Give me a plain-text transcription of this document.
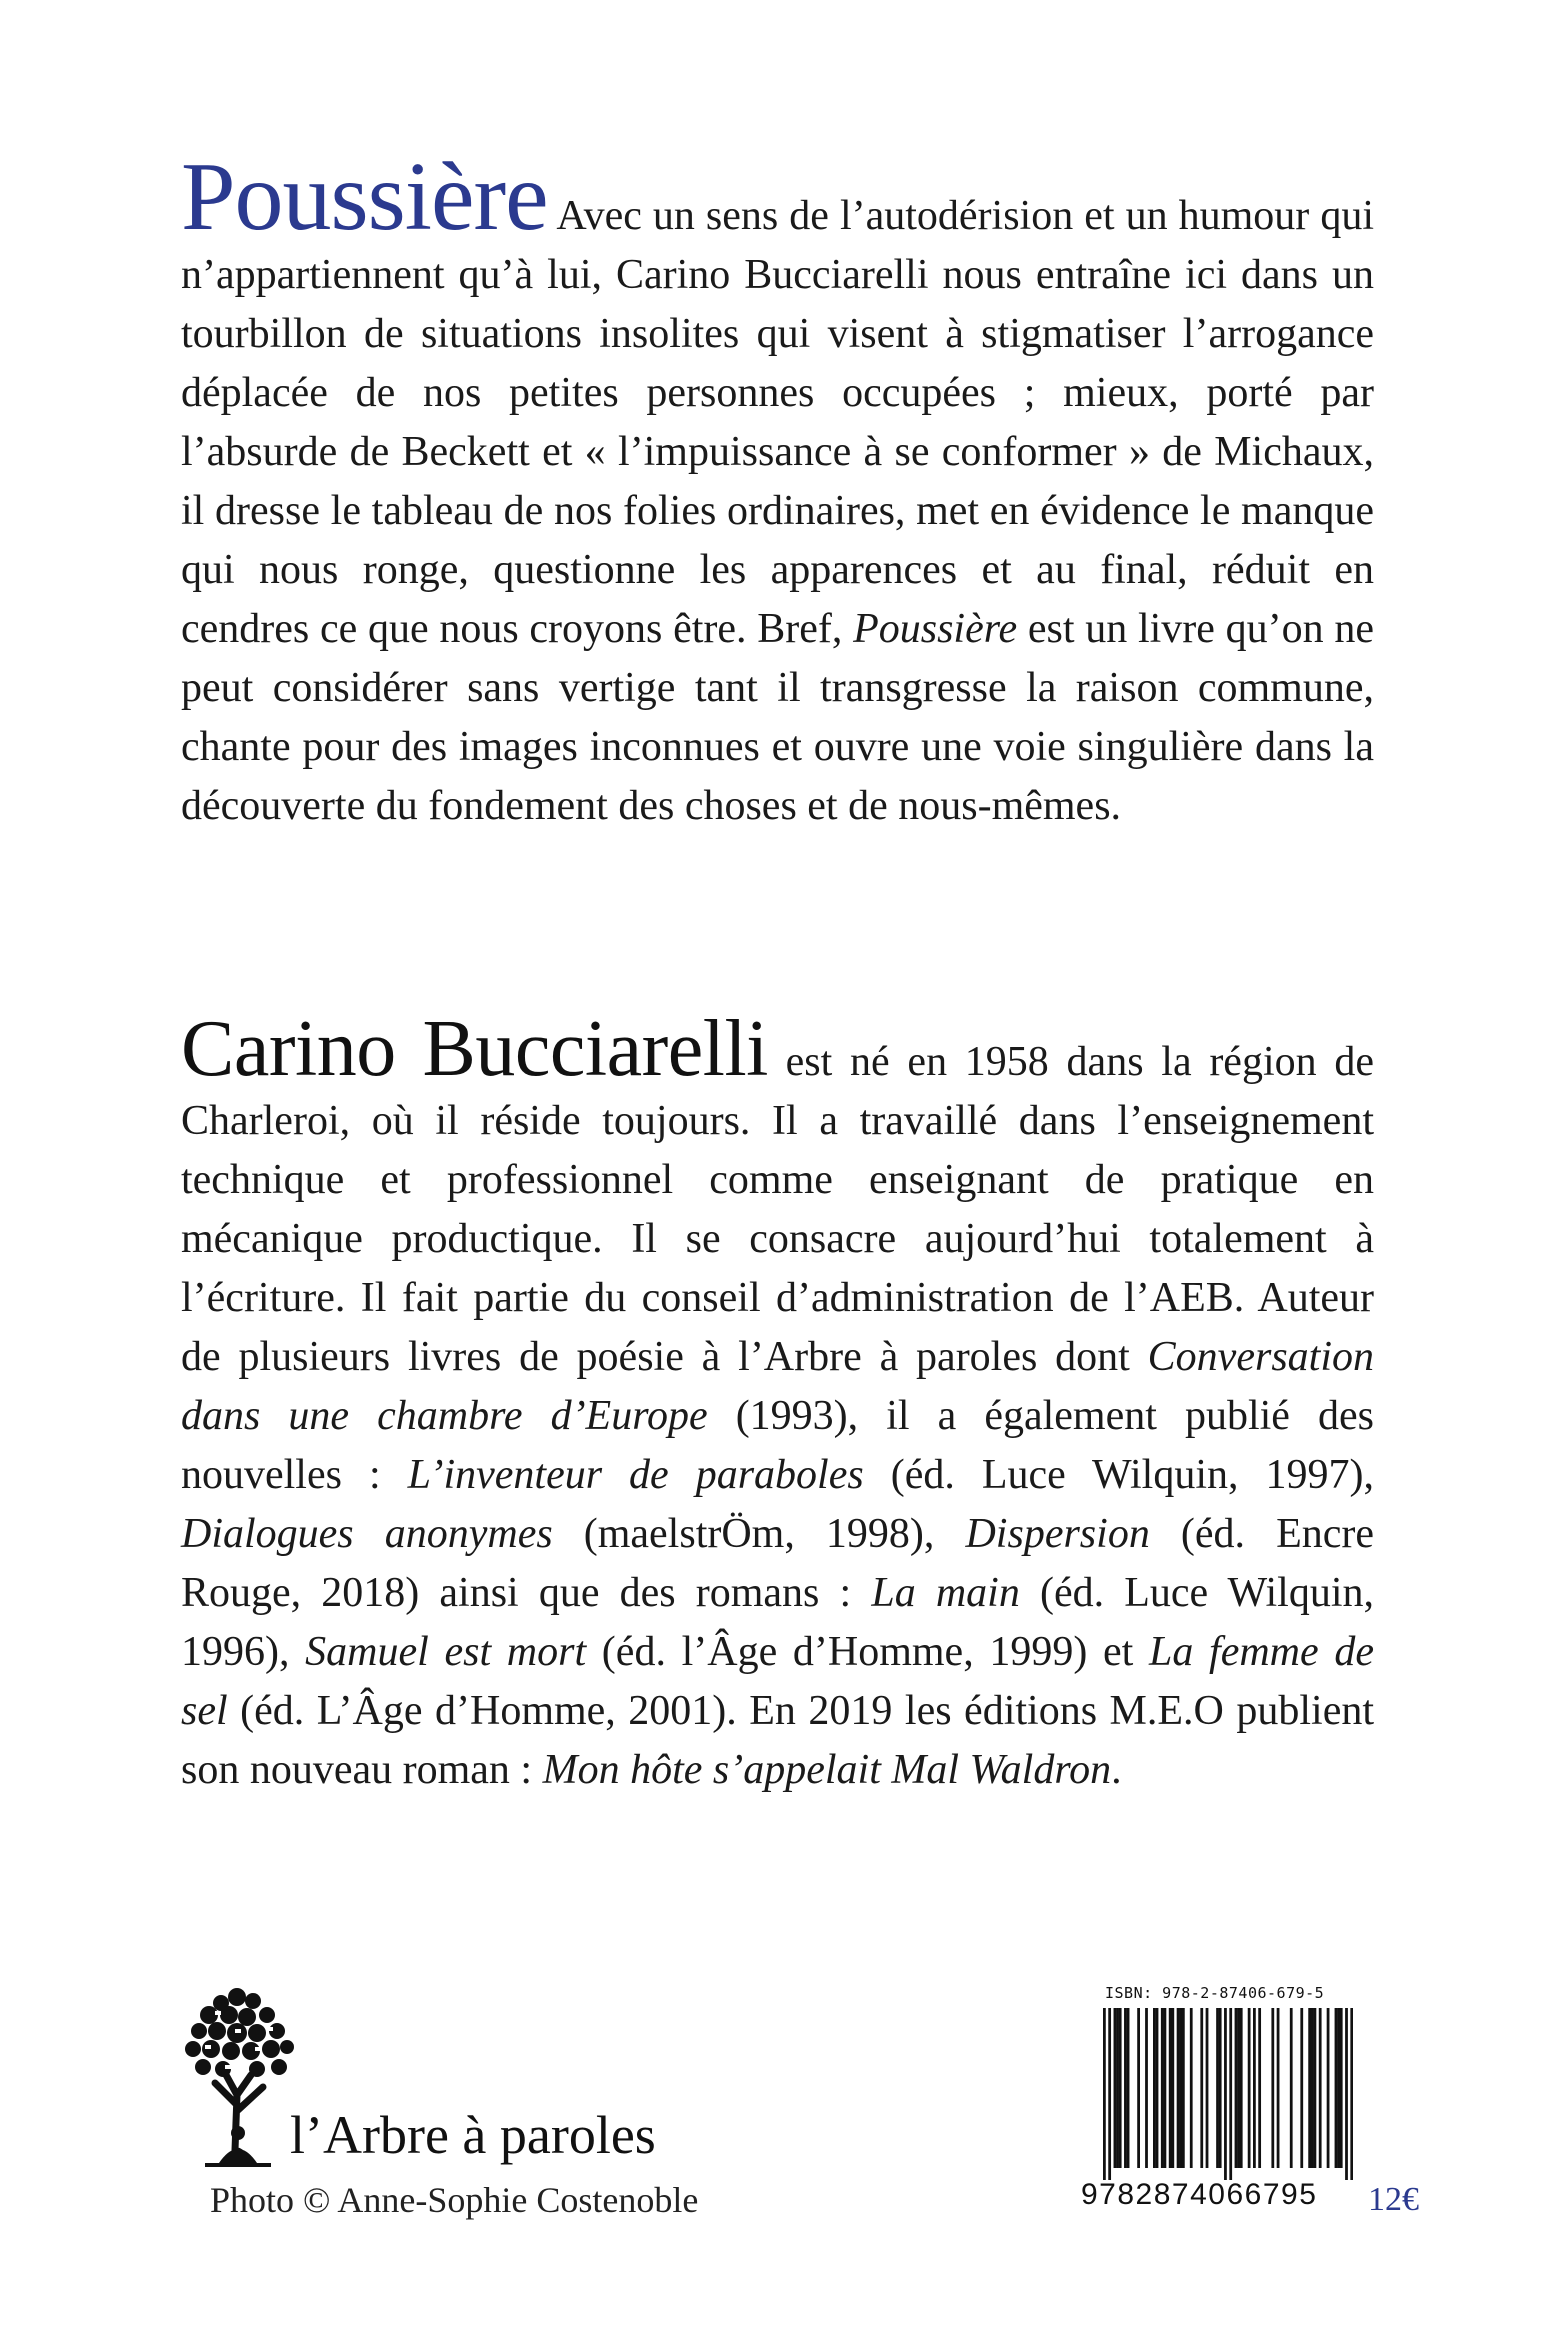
Poussière Avec un sens de l’autodérision et un humour qui n’appartiennent qu’à lui, Carino Bucciarelli nous entraîne ici dans un tourbillon de situations insolites qui visent à stigmatiser l’arrogance déplacée de nos petites personnes occupées ; mieux, porté par l’absurde de Beckett et « l’impuissance à se conformer » de Michaux, il dresse le tableau de nos folies ordinaires, met en évidence le manque qui nous ronge, questionne les apparences et au final, réduit en cendres ce que nous croyons être. Bref, Poussière est un livre qu’on ne peut considérer sans vertige tant il transgresse la raison commune, chante pour des images inconnues et ouvre une voie singulière dans la découverte du fondement des choses et de nous-mêmes.

Carino Bucciarelli est né en 1958 dans la région de Charleroi, où il réside toujours. Il a travaillé dans l’enseignement technique et professionnel comme enseignant de pratique en mécanique productique. Il se consacre aujourd’hui totalement à l’écriture. Il fait partie du conseil d’administration de l’AEB. Auteur de plusieurs livres de poésie à l’Arbre à paroles dont Conversation dans une chambre d’Europe (1993), il a également publié des nouvelles : L’inventeur de paraboles (éd. Luce Wilquin, 1997), Dialogues anonymes (maelstrÖm, 1998), Dispersion (éd. Encre Rouge, 2018) ainsi que des romans : La main (éd. Luce Wilquin, 1996), Samuel est mort (éd. l’Âge d’Homme, 1999) et La femme de sel (éd. L’Âge d’Homme, 2001). En 2019 les éditions M.E.O publient son nouveau roman : Mon hôte s’appelait Mal Waldron.

l’Arbre à paroles
Photo © Anne-Sophie Costenoble
ISBN: 978-2-87406-679-5
9782874066795 12€
